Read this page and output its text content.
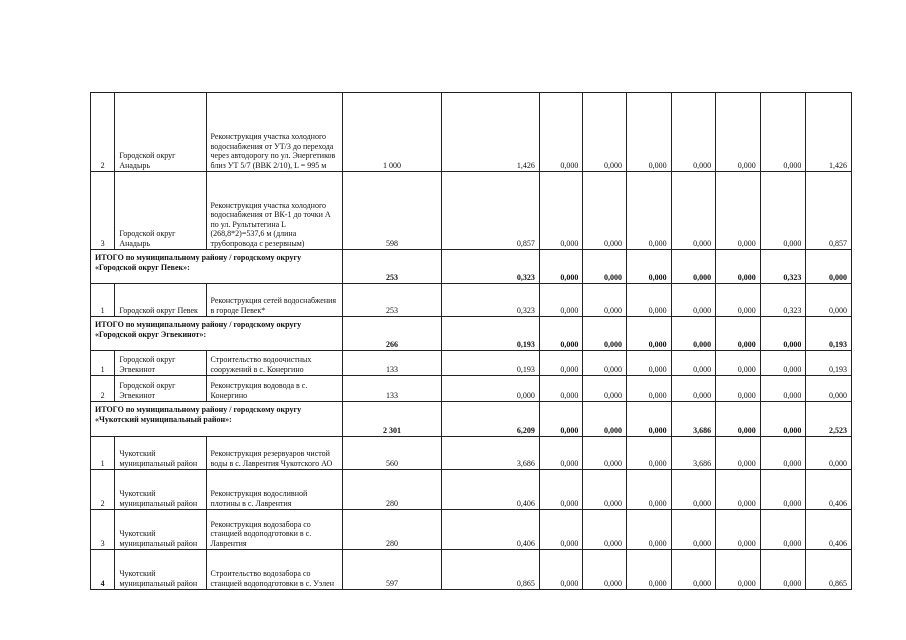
2	Городской округ Анадырь	Реконструкция участка холодного водоснабжения от УТ/3 до перехода через автодорогу по ул. Энергетиков близ УТ 5/7 (ВВК 2/10), L = 995 м	1 000	1,426	0,000	0,000	0,000	0,000	0,000	0,000	1,426
3	Городской округ Анадырь	Реконструкция участка холодного водоснабжения от ВК-1 до точки А по ул. Рультытегина L (268,8*2)=537,6 м (длина трубопровода с резервным)	598	0,857	0,000	0,000	0,000	0,000	0,000	0,000	0,857
ИТОГО по муниципальному району / городскому округу «Городской округ Певек»:			253	0,323	0,000	0,000	0,000	0,000	0,000	0,323	0,000
1	Городской округ Певек	Реконструкция сетей водоснабжения в городе Певек*	253	0,323	0,000	0,000	0,000	0,000	0,000	0,323	0,000
ИТОГО по муниципальному району / городскому округу «Городской округ Эгвекинот»:			266	0,193	0,000	0,000	0,000	0,000	0,000	0,000	0,193
1	Городской округ Эгвекинот	Строительство водоочистных сооружений в с. Конергино	133	0,193	0,000	0,000	0,000	0,000	0,000	0,000	0,193
2	Городской округ Эгвекинот	Реконструкция водовода в с. Конергино	133	0,000	0,000	0,000	0,000	0,000	0,000	0,000	0,000
ИТОГО по муниципальному району / городскому округу «Чукотский муниципальный район»:			2 301	6,209	0,000	0,000	0,000	3,686	0,000	0,000	2,523
1	Чукотский муниципальный район	Реконструкция резервуаров чистой воды в с. Лаврентия Чукотского АО	560	3,686	0,000	0,000	0,000	3,686	0,000	0,000	0,000
2	Чукотский муниципальный район	Реконструкция водосливной плотины в с. Лаврентия	280	0,406	0,000	0,000	0,000	0,000	0,000	0,000	0,406
3	Чукотский муниципальный район	Реконструкция водозабора со станцией водоподготовки в с. Лаврентия	280	0,406	0,000	0,000	0,000	0,000	0,000	0,000	0,406
4	Чукотский муниципальный район	Строительство водозабора со станцией водоподготовки в с. Уэлен	597	0,865	0,000	0,000	0,000	0,000	0,000	0,000	0,865
